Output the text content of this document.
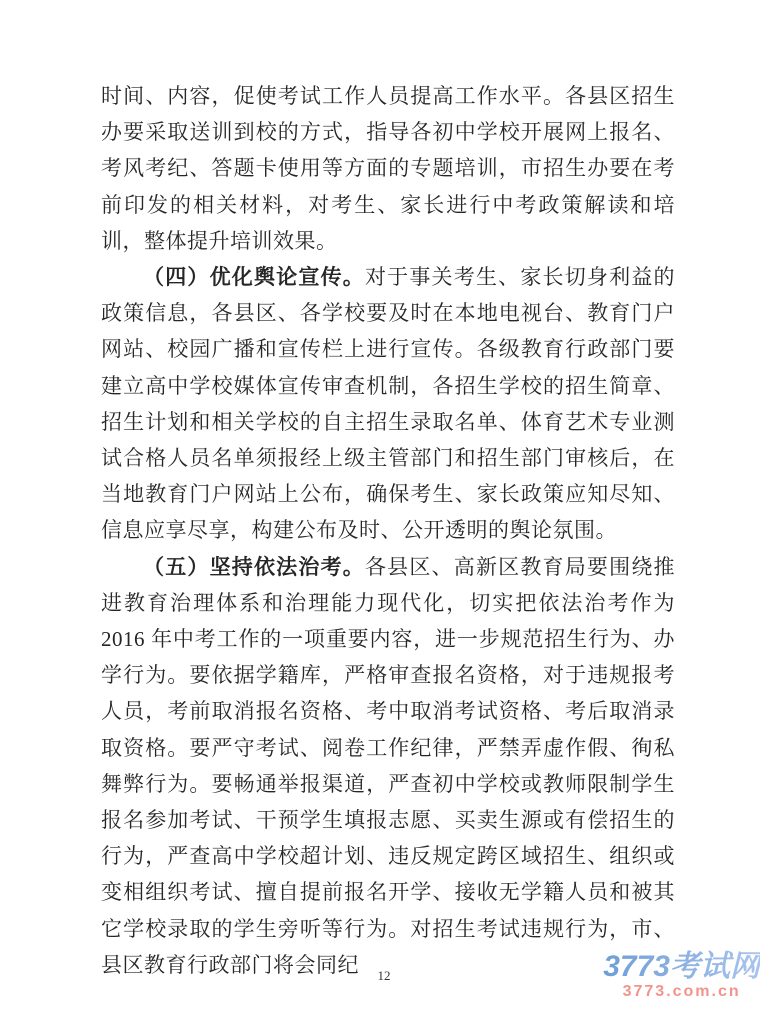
时间、内容，促使考试工作人员提高工作水平。各县区招生办要采取送训到校的方式，指导各初中学校开展网上报名、考风考纪、答题卡使用等方面的专题培训，市招生办要在考前印发的相关材料，对考生、家长进行中考政策解读和培训，整体提升培训效果。

（四）优化舆论宣传。对于事关考生、家长切身利益的政策信息，各县区、各学校要及时在本地电视台、教育门户网站、校园广播和宣传栏上进行宣传。各级教育行政部门要建立高中学校媒体宣传审查机制，各招生学校的招生简章、招生计划和相关学校的自主招生录取名单、体育艺术专业测试合格人员名单须报经上级主管部门和招生部门审核后，在当地教育门户网站上公布，确保考生、家长政策应知尽知、信息应享尽享，构建公布及时、公开透明的舆论氛围。

（五）坚持依法治考。各县区、高新区教育局要围绕推进教育治理体系和治理能力现代化，切实把依法治考作为 2016 年中考工作的一项重要内容，进一步规范招生行为、办学行为。要依据学籍库，严格审查报名资格，对于违规报考人员，考前取消报名资格、考中取消考试资格、考后取消录取资格。要严守考试、阅卷工作纪律，严禁弄虚作假、徇私舞弊行为。要畅通举报渠道，严查初中学校或教师限制学生报名参加考试、干预学生填报志愿、买卖生源或有偿招生的行为，严查高中学校超计划、违反规定跨区域招生、组织或变相组织考试、擅自提前报名开学、接收无学籍人员和被其它学校录取的学生旁听等行为。对招生考试违规行为，市、县区教育行政部门将会同纪	12	3773考试网
3773.com.cn
